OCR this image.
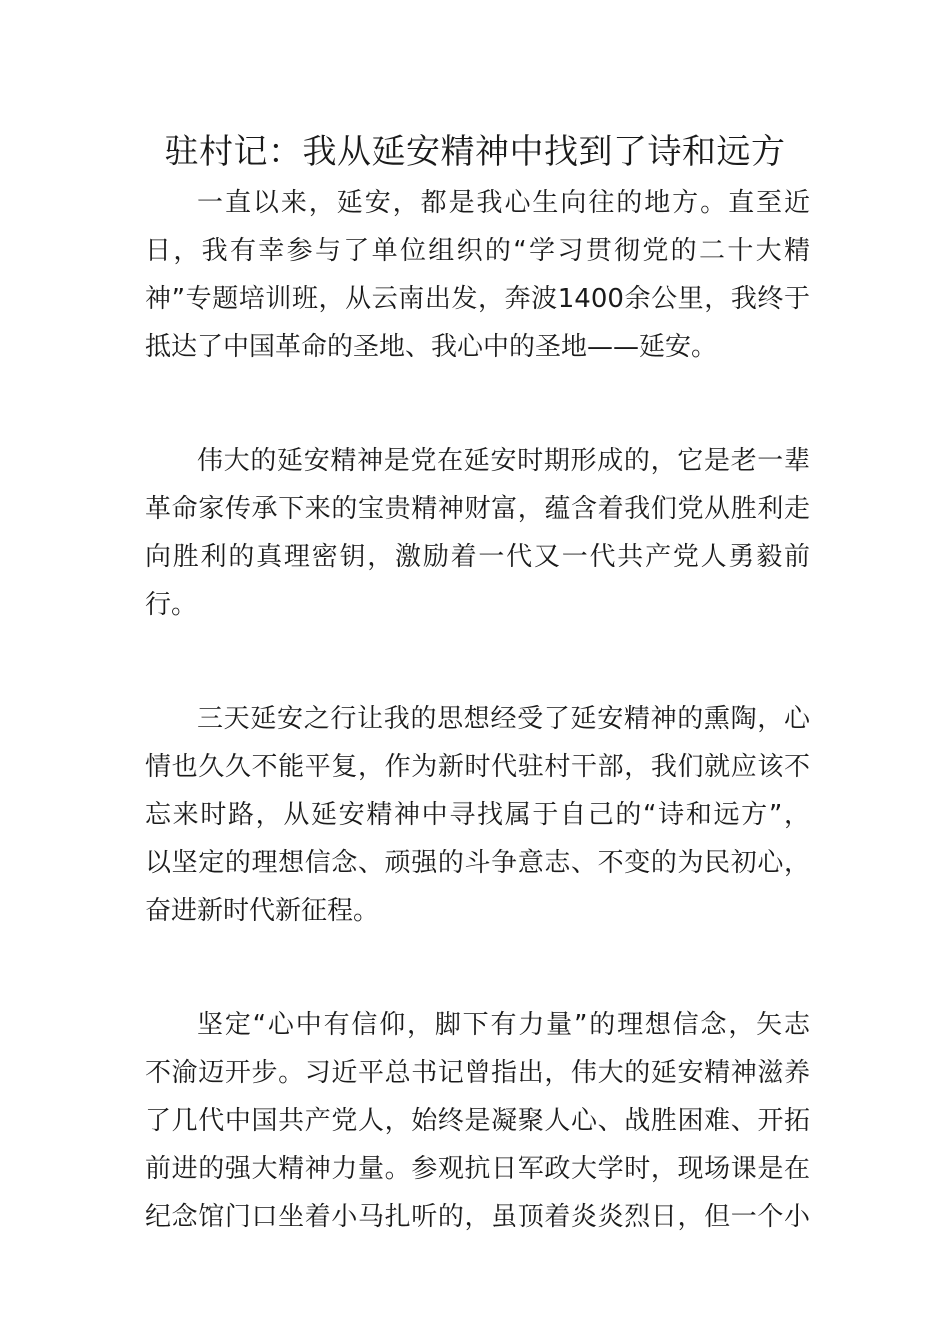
驻村记：我从延安精神中找到了诗和远方
一直以来，延安，都是我心生向往的地方。直至近
日，我有幸参与了单位组织的“学习贯彻党的二十大精
神”专题培训班，从云南出发，奔波1400余公里，我终于
抵达了中国革命的圣地、我心中的圣地——延安。
伟大的延安精神是党在延安时期形成的，它是老一辈
革命家传承下来的宝贵精神财富，蕴含着我们党从胜利走
向胜利的真理密钥，激励着一代又一代共产党人勇毅前
行。
三天延安之行让我的思想经受了延安精神的熏陶，心
情也久久不能平复，作为新时代驻村干部，我们就应该不
忘来时路，从延安精神中寻找属于自己的“诗和远方”，
以坚定的理想信念、顽强的斗争意志、不变的为民初心，
奋进新时代新征程。
坚定“心中有信仰，脚下有力量”的理想信念，矢志
不渝迈开步。习近平总书记曾指出，伟大的延安精神滋养
了几代中国共产党人，始终是凝聚人心、战胜困难、开拓
前进的强大精神力量。参观抗日军政大学时，现场课是在
纪念馆门口坐着小马扎听的，虽顶着炎炎烈日，但一个小
